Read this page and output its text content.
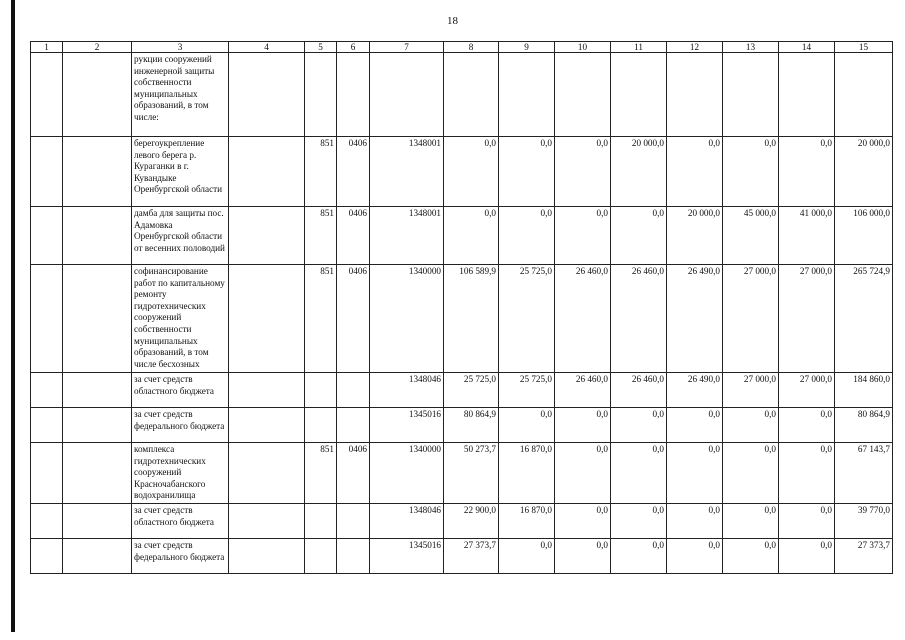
18
1	2	3	4	5	6	7	8	9	10	11	12	13	14	15
		рукции сооружений инженерной защиты собственности муниципальных образований, в том числе:												
		берегоукрепление левого берега р. Кураганки в г. Кувандыке Оренбургской области		851	0406	1348001	0,0	0,0	0,0	20 000,0	0,0	0,0	0,0	20 000,0
		дамба для защиты пос. Адамовка Оренбургской области от весенних половодий		851	0406	1348001	0,0	0,0	0,0	0,0	20 000,0	45 000,0	41 000,0	106 000,0
		софинансирование работ по капитальному ремонту гидротехнических сооружений собственности муниципальных образований, в том числе бесхозных		851	0406	1340000	106 589,9	25 725,0	26 460,0	26 460,0	26 490,0	27 000,0	27 000,0	265 724,9
		за счет средств областного бюджета				1348046	25 725,0	25 725,0	26 460,0	26 460,0	26 490,0	27 000,0	27 000,0	184 860,0
		за счет средств федерального бюджета				1345016	80 864,9	0,0	0,0	0,0	0,0	0,0	0,0	80 864,9
		комплекса гидротехнических сооружений Красночабанского водохранилища		851	0406	1340000	50 273,7	16 870,0	0,0	0,0	0,0	0,0	0,0	67 143,7
		за счет средств областного бюджета				1348046	22 900,0	16 870,0	0,0	0,0	0,0	0,0	0,0	39 770,0
		за счет средств федерального бюджета				1345016	27 373,7	0,0	0,0	0,0	0,0	0,0	0,0	27 373,7
